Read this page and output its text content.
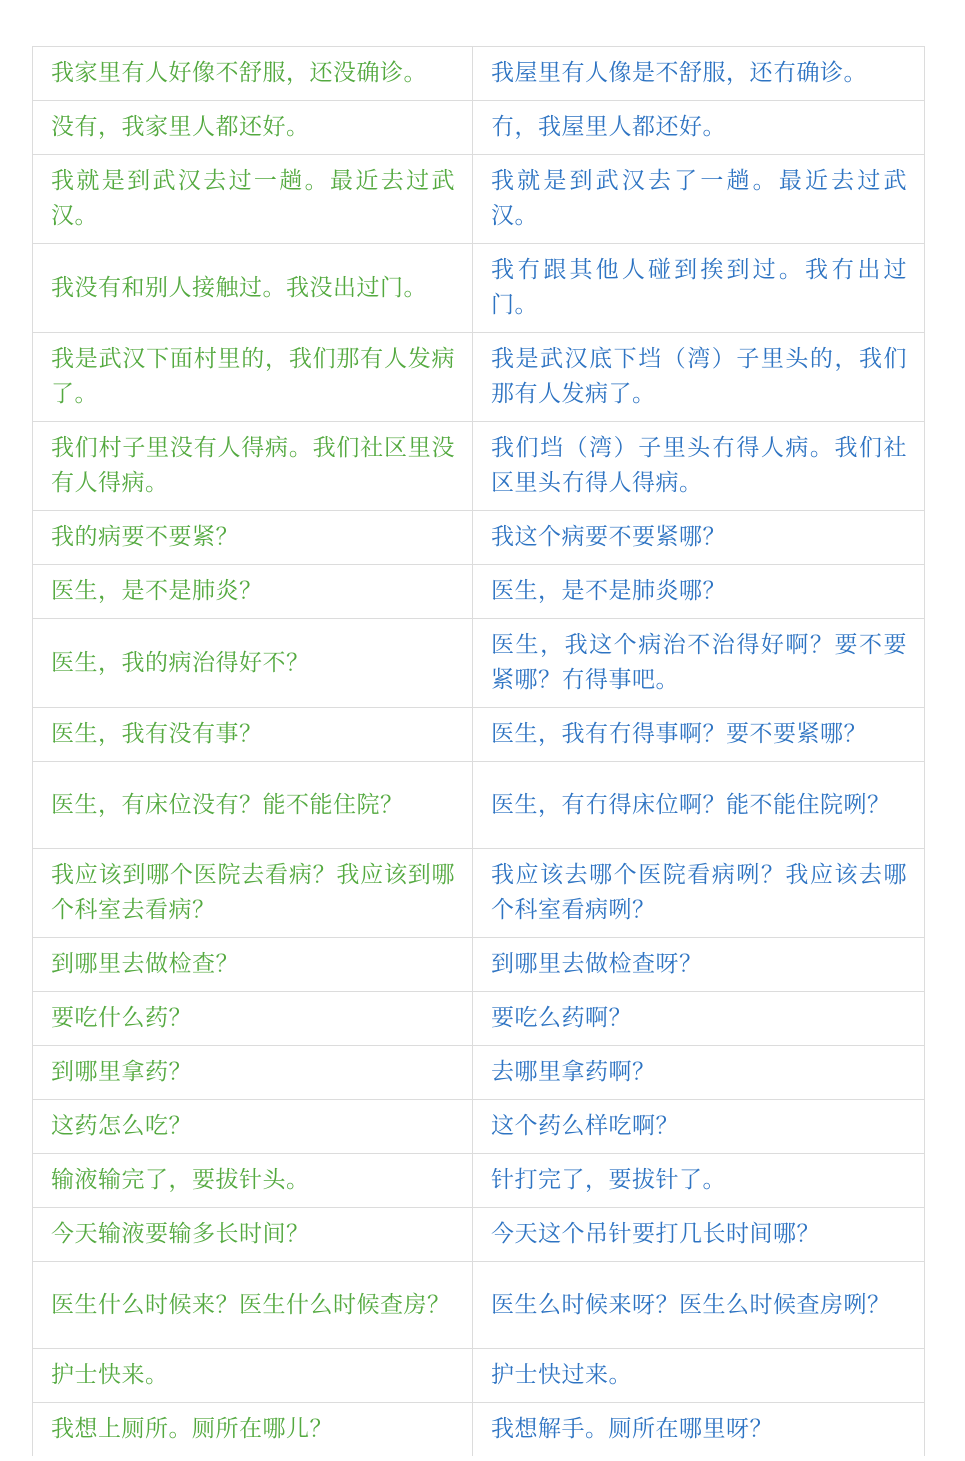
我家里有人好像不舒服，还没确诊。	我屋里有人像是不舒服，还冇确诊。
没有，我家里人都还好。	冇，我屋里人都还好。
我就是到武汉去过一趟。最近去过武汉。	我就是到武汉去了一趟。最近去过武汉。
我没有和别人接触过。我没出过门。	我冇跟其他人碰到挨到过。我冇出过门。
我是武汉下面村里的，我们那有人发病了。	我是武汉底下垱（湾）子里头的，我们那有人发病了。
我们村子里没有人得病。我们社区里没有人得病。	我们垱（湾）子里头冇得人病。我们社区里头冇得人得病。
我的病要不要紧？	我这个病要不要紧哪？
医生，是不是肺炎？	医生，是不是肺炎哪？
医生，我的病治得好不？	医生，我这个病治不治得好啊？要不要紧哪？冇得事吧。
医生，我有没有事？	医生，我有冇得事啊？要不要紧哪？
医生，有床位没有？能不能住院？	医生，有冇得床位啊？能不能住院咧？
我应该到哪个医院去看病？我应该到哪个科室去看病？	我应该去哪个医院看病咧？我应该去哪个科室看病咧？
到哪里去做检查？	到哪里去做检查呀？
要吃什么药？	要吃么药啊？
到哪里拿药？	去哪里拿药啊？
这药怎么吃？	这个药么样吃啊？
输液输完了，要拔针头。	针打完了，要拔针了。
今天输液要输多长时间？	今天这个吊针要打几长时间哪？
医生什么时候来？医生什么时候查房？	医生么时候来呀？医生么时候查房咧？
护士快来。	护士快过来。
我想上厕所。厕所在哪儿？	我想解手。厕所在哪里呀？
